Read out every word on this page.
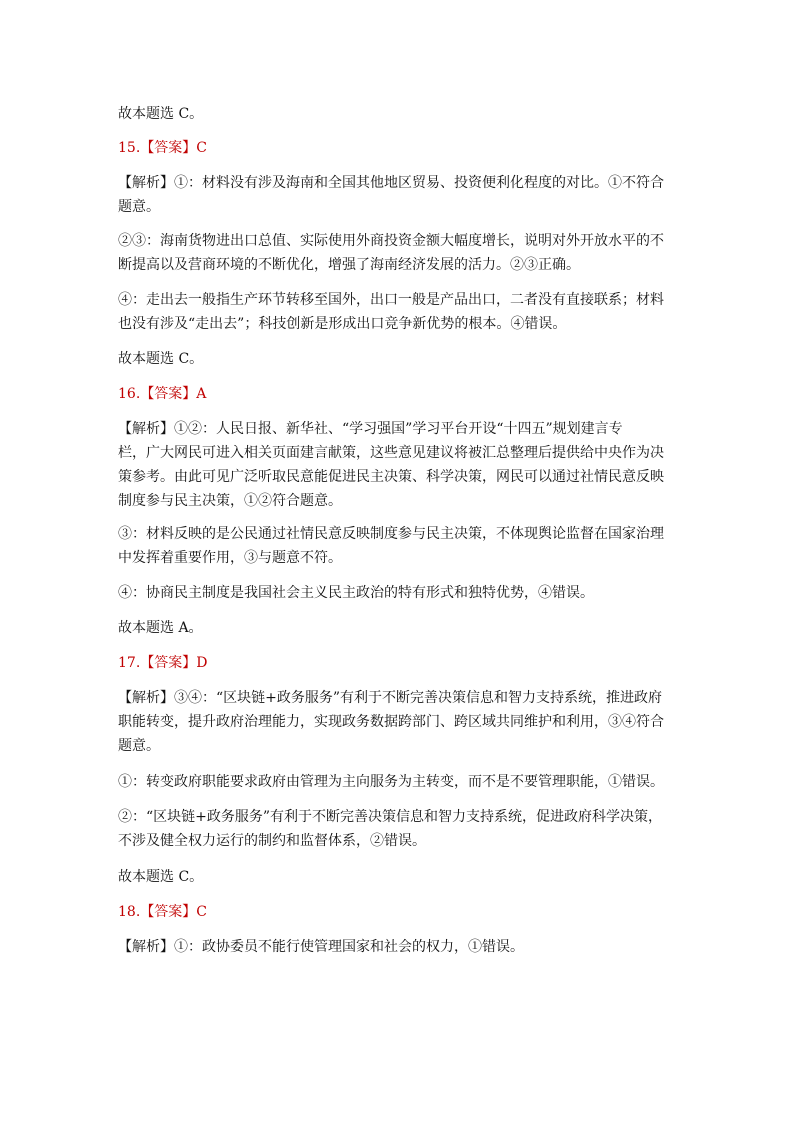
故本题选 C。

15.【答案】C

【解析】①：材料没有涉及海南和全国其他地区贸易、投资便利化程度的对比。①不符合
题意。

②③：海南货物进出口总值、实际使用外商投资金额大幅度增长，说明对外开放水平的不
断提高以及营商环境的不断优化，增强了海南经济发展的活力。②③正确。

④：走出去一般指生产环节转移至国外，出口一般是产品出口，二者没有直接联系；材料
也没有涉及“走出去”；科技创新是形成出口竞争新优势的根本。④错误。

故本题选 C。

16.【答案】A

【解析】①②：人民日报、新华社、“学习强国”学习平台开设“十四五”规划建言专
栏，广大网民可进入相关页面建言献策，这些意见建议将被汇总整理后提供给中央作为决
策参考。由此可见广泛听取民意能促进民主决策、科学决策，网民可以通过社情民意反映
制度参与民主决策，①②符合题意。

③：材料反映的是公民通过社情民意反映制度参与民主决策，不体现舆论监督在国家治理
中发挥着重要作用，③与题意不符。

④：协商民主制度是我国社会主义民主政治的特有形式和独特优势，④错误。

故本题选 A。

17.【答案】D

【解析】③④：“区块链+政务服务”有利于不断完善决策信息和智力支持系统，推进政府
职能转变，提升政府治理能力，实现政务数据跨部门、跨区域共同维护和利用，③④符合
题意。

①：转变政府职能要求政府由管理为主向服务为主转变，而不是不要管理职能，①错误。

②：“区块链+政务服务”有利于不断完善决策信息和智力支持系统，促进政府科学决策，
不涉及健全权力运行的制约和监督体系，②错误。

故本题选 C。

18.【答案】C

【解析】①：政协委员不能行使管理国家和社会的权力，①错误。
